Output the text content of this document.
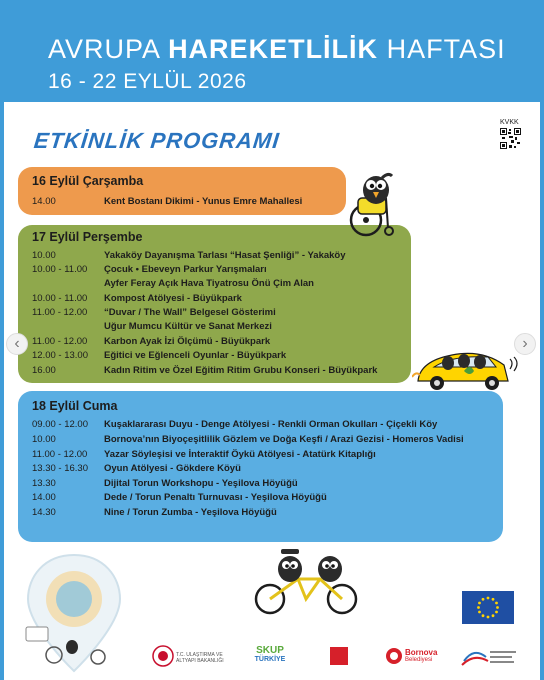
AVRUPA HAREKETLİLİK HAFTASI
16 - 22 EYLÜL 2026
ETKİNLİK PROGRAMI
KVKK
16 Eylül Çarşamba
14.00	Kent Bostanı Dikimi - Yunus Emre Mahallesi
17 Eylül Perşembe
10.00	Yakaköy Dayanışma Tarlası “Hasat Şenliği” - Yakaköy
10.00 - 11.00 Çocuk • Ebeveyn Parkur Yarışmaları
Ayfer Feray Açık Hava Tiyatrosu Önü Çim Alan
10.00 - 11.00 Kompost Atölyesi - Büyükpark
11.00 - 12.00 “Duvar / The Wall” Belgesel Gösterimi
Uğur Mumcu Kültür ve Sanat Merkezi
11.00 - 12.00 Karbon Ayak İzi Ölçümü - Büyükpark
12.00 - 13.00 Eğitici ve Eğlenceli Oyunlar - Büyükpark
16.00	Kadın Ritim ve Özel Eğitim Ritim Grubu Konseri - Büyükpark
18 Eylül Cuma
09.00 - 12.00 Kuşaklararası Duyu - Denge Atölyesi - Renkli Orman Okulları - Çiçekli Köy
10.00	Bornova’nın Biyoçeşitlilik Gözlem ve Doğa Keşfi / Arazi Gezisi - Homeros Vadisi
11.00 - 12.00 Yazar Söyleşisi ve İnteraktif Öykü Atölyesi - Atatürk Kitaplığı
13.30 - 16.30 Oyun Atölyesi - Gökdere Köyü
13.30	Dijital Torun Workshopu - Yeşilova Höyüğü
14.00	Dede / Torun Penaltı Turnuvası - Yeşilova Höyüğü
14.30	Nine / Torun Zumba - Yeşilova Höyüğü
T.C. ULAŞTIRMA VE
ALTYAPI BAKANLIĞI
SKUP
TÜRKİYE
Bornova
Belediyesi
‹	›
